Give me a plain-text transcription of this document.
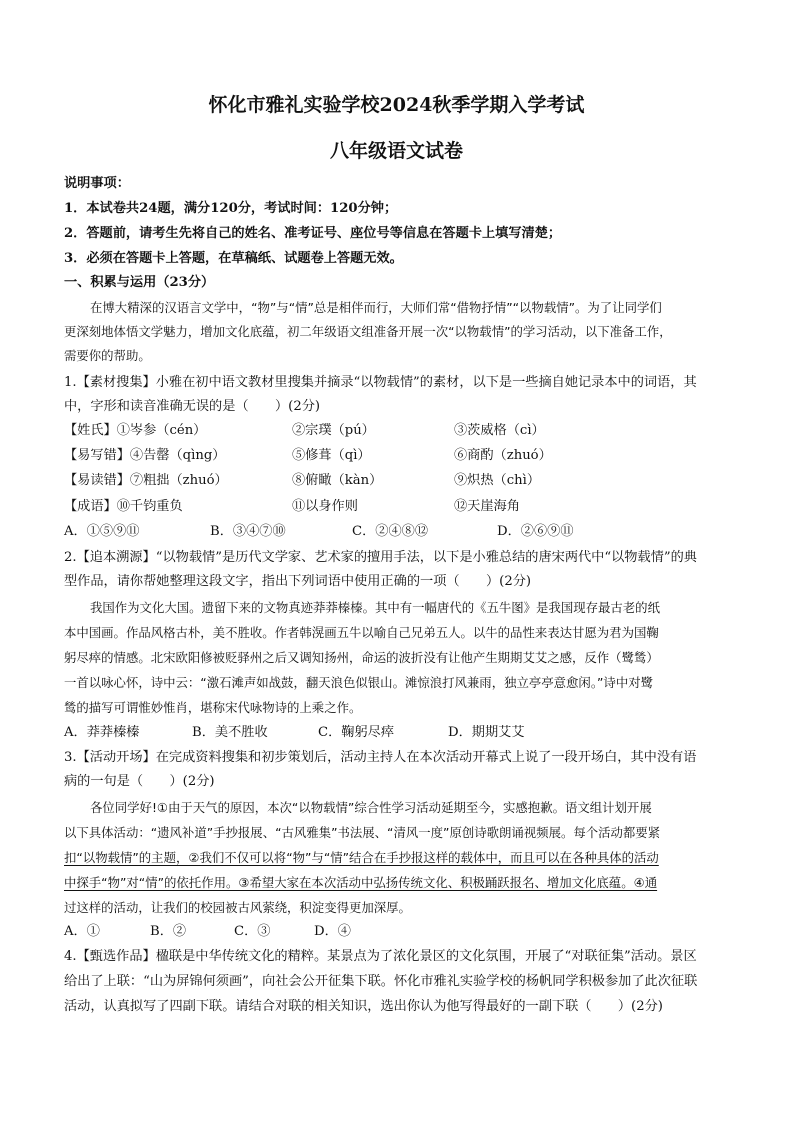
怀化市雅礼实验学校2024秋季学期入学考试
八年级语文试卷
说明事项：
1．本试卷共24题，满分120分，考试时间：120分钟；
2．答题前，请考生先将自己的姓名、准考证号、座位号等信息在答题卡上填写清楚；
3．必须在答题卡上答题，在草稿纸、试题卷上答题无效。
一、积累与运用（23分）
在博大精深的汉语言文学中，“物”与“情”总是相伴而行，大师们常“借物抒情”“以物载情”。为了让同学们
更深刻地体悟文学魅力，增加文化底蕴，初二年级语文组准备开展一次“以物载情”的学习活动，以下准备工作，
需要你的帮助。
1.【素材搜集】小雅在初中语文教材里搜集并摘录“以物载情”的素材，以下是一些摘自她记录本中的词语，其
中，字形和读音准确无误的是（　　）(2分)
【姓氏】①岑参（cén）	②宗璞（pú）	③茨威格（cì）
【易写错】④告罄（qìng）	⑤修葺（qì）	⑥商酌（zhuó）
【易读错】⑦粗拙（zhuó）	⑧俯瞰（kàn）	⑨炽热（chì）
【成语】⑩千钧重负	⑪以身作则	⑫天崖海角
A．①⑤⑨⑪	B．③④⑦⑩	C．②④⑧⑫	D．②⑥⑨⑪
2.【追本溯源】“以物载情”是历代文学家、艺术家的擅用手法，以下是小雅总结的唐宋两代中“以物载情”的典
型作品，请你帮她整理这段文字，指出下列词语中使用正确的一项（　　）(2分)
我国作为文化大国。遗留下来的文物真迹莽莽榛榛。其中有一幅唐代的《五牛图》是我国现存最古老的纸
本中国画。作品风格古朴，美不胜收。作者韩滉画五牛以喻自己兄弟五人。以牛的品性来表达甘愿为君为国鞠
躬尽瘁的情感。北宋欧阳修被贬驿州之后又调知扬州，命运的波折没有让他产生期期艾艾之感，反作（鹭鸶）
一首以咏心怀，诗中云：“激石滩声如战鼓，翻天浪色似银山。滩惊浪打风兼雨，独立亭亭意愈闲。”诗中对鹭
鸶的描写可谓惟妙惟肖，堪称宋代咏物诗的上乘之作。
A．莽莽榛榛	B．美不胜收	C．鞠躬尽瘁	D．期期艾艾
3.【活动开场】在完成资料搜集和初步策划后，活动主持人在本次活动开幕式上说了一段开场白，其中没有语
病的一句是（　　）(2分)
各位同学好!①由于天气的原因，本次“以物载情”综合性学习活动延期至今，实感抱歉。语文组计划开展
以下具体活动：“遗风补道”手抄报展、“古风雅集”书法展、“清风一度”原创诗歌朗诵视频展。每个活动都要紧
扣“以物载情”的主题，②我们不仅可以将“物”与“情”结合在手抄报这样的载体中，而且可以在各种具体的活动
中探手“物”对“情”的依托作用。③希望大家在本次活动中弘扬传统文化、积极踊跃报名、增加文化底蕴。④通
过这样的活动，让我们的校园被古风萦绕，积淀变得更加深厚。
A．①	B．②	C．③	D．④
4.【甄选作品】楹联是中华传统文化的精粹。某景点为了浓化景区的文化氛围，开展了“对联征集”活动。景区
给出了上联：“山为屏锦何须画”，向社会公开征集下联。怀化市雅礼实验学校的杨帆同学积极参加了此次征联
活动，认真拟写了四副下联。请结合对联的相关知识，选出你认为他写得最好的一副下联（　　）(2分)
